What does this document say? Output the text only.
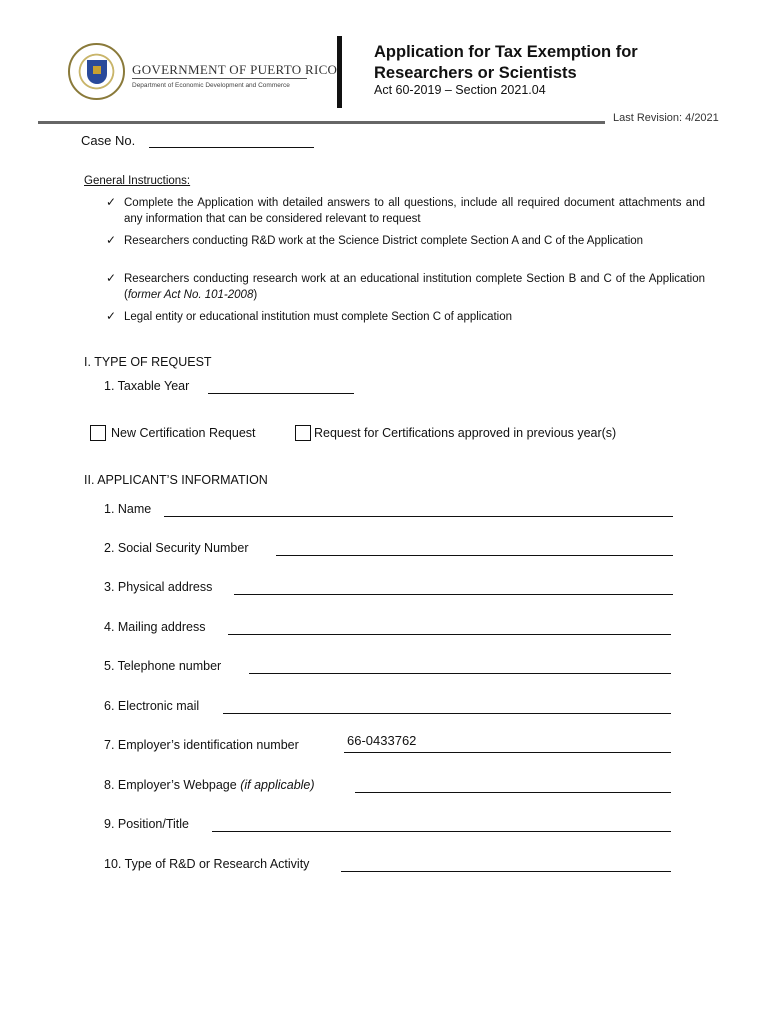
GOVERNMENT OF PUERTO RICO
Department of Economic Development and Commerce
Application for Tax Exemption for
Researchers or Scientists
Act 60-2019 – Section 2021.04
Last Revision: 4/2021
Case No.
General Instructions:
✓ Complete the Application with detailed answers to all questions, include all required document attachments and any information that can be considered relevant to request
✓ Researchers conducting R&D work at the Science District complete Section A and C of the Application
✓ Researchers conducting research work at an educational institution complete Section B and C of the Application (former Act No. 101-2008)
✓ Legal entity or educational institution must complete Section C of application
I. TYPE OF REQUEST
1. Taxable Year
New Certification Request	Request for Certifications approved in previous year(s)
II. APPLICANT’S INFORMATION
1. Name
2. Social Security Number
3. Physical address
4. Mailing address
5. Telephone number
6. Electronic mail
7. Employer’s identification number	66-0433762
8. Employer’s Webpage (if applicable)
9. Position/Title
10. Type of R&D or Research Activity
